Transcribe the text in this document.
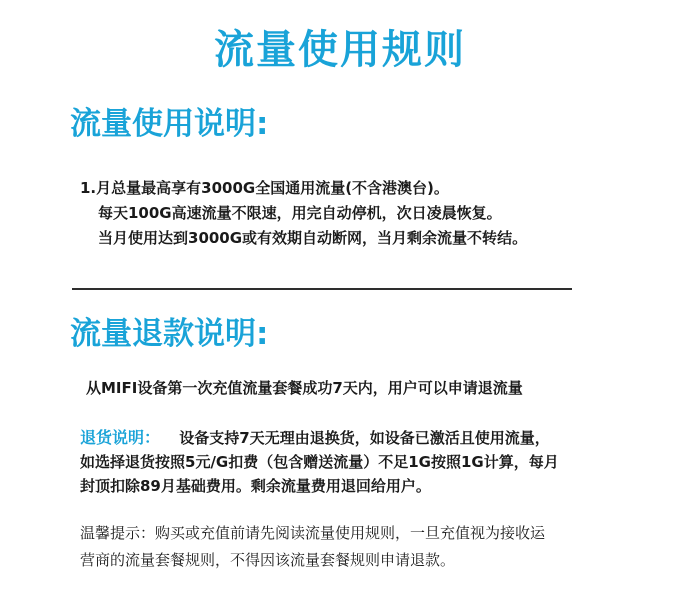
流量使用规则
流量使用说明:
1.月总量最高享有3000G全国通用流量(不含港澳台)。
每天100G高速流量不限速，用完自动停机，次日凌晨恢复。
当月使用达到3000G或有效期自动断网，当月剩余流量不转结。
流量退款说明:
从MIFI设备第一次充值流量套餐成功7天内，用户可以申请退流量
退货说明： 设备支持7天无理由退换货，如设备已激活且使用流量，
如选择退货按照5元/G扣费（包含赠送流量）不足1G按照1G计算，每月
封顶扣除89月基础费用。剩余流量费用退回给用户。
温馨提示：购买或充值前请先阅读流量使用规则，一旦充值视为接收运
营商的流量套餐规则，不得因该流量套餐规则申请退款。
